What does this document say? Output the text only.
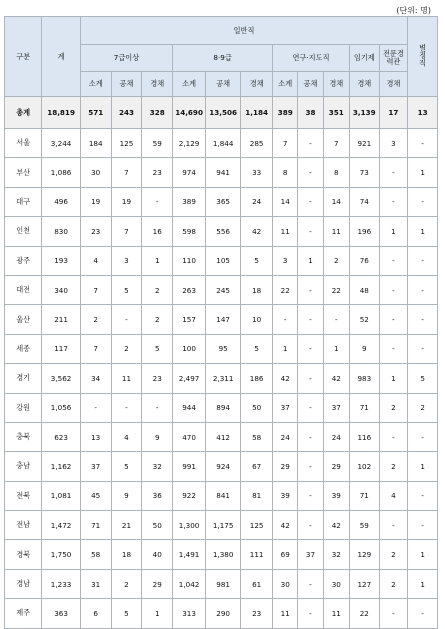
(단위: 명)
구분	계	일반직											별정직
		7급이상			8·9급			연구·지도직			임기제	전문경력관	
		소계	공채	경채	소계	공채	경채	소계	공채	경채	경채	경채	
총계	18,819	571	243	328	14,690	13,506	1,184	389	38	351	3,139	17	13
서울	3,244	184	125	59	2,129	1,844	285	7	-	7	921	3	-
부산	1,086	30	7	23	974	941	33	8	-	8	73	-	1
대구	496	19	19	-	389	365	24	14	-	14	74	-	-
인천	830	23	7	16	598	556	42	11	-	11	196	1	1
광주	193	4	3	1	110	105	5	3	1	2	76	-	-
대전	340	7	5	2	263	245	18	22	-	22	48	-	-
울산	211	2	-	2	157	147	10	-	-	-	52	-	-
세종	117	7	2	5	100	95	5	1	-	1	9	-	-
경기	3,562	34	11	23	2,497	2,311	186	42	-	42	983	1	5
강원	1,056	-	-	-	944	894	50	37	-	37	71	2	2
충북	623	13	4	9	470	412	58	24	-	24	116	-	-
충남	1,162	37	5	32	991	924	67	29	-	29	102	2	1
전북	1,081	45	9	36	922	841	81	39	-	39	71	4	-
전남	1,472	71	21	50	1,300	1,175	125	42	-	42	59	-	-
경북	1,750	58	18	40	1,491	1,380	111	69	37	32	129	2	1
경남	1,233	31	2	29	1,042	981	61	30	-	30	127	2	1
제주	363	6	5	1	313	290	23	11	-	11	22	-	-
